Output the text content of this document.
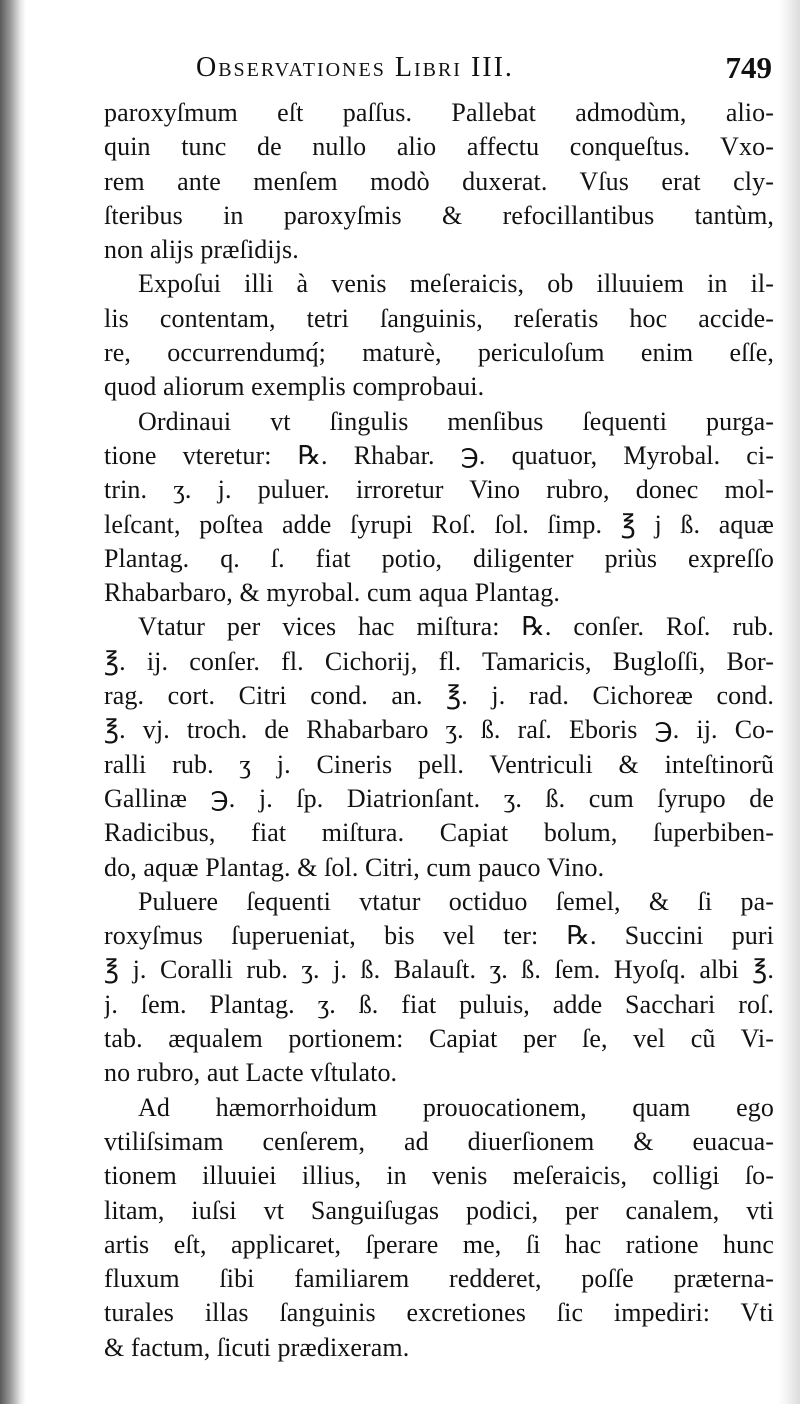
Observationes Libri III.	749
paroxyſmum eſt paſſus. Pallebat admodùm, alio-
quin tunc de nullo alio affectu conqueſtus. Vxo-
rem ante menſem modò duxerat. Vſus erat cly-
ſteribus in paroxyſmis & refocillantibus tantùm,
non alijs præſidijs.
Expoſui illi à venis meſeraicis, ob illuuiem in il-
lis contentam, tetri ſanguinis, reſeratis hoc accide-
re, occurrendumq́; maturè, periculoſum enim eſſe,
quod aliorum exemplis comprobaui.
Ordinaui vt ſingulis menſibus ſequenti purga-
tione vteretur: ℞. Rhabar. ℈. quatuor, Myrobal. ci-
trin. ʒ. j. puluer. irroretur Vino rubro, donec mol-
leſcant, poſtea adde ſyrupi Roſ. ſol. ſimp. ℥ j ß. aquæ
Plantag. q. ſ. fiat potio, diligenter priùs expreſſo
Rhabarbaro, & myrobal. cum aqua Plantag.
Vtatur per vices hac miſtura: ℞. conſer. Roſ. rub.
℥. ij. conſer. fl. Cichorij, fl. Tamaricis, Bugloſſi, Bor-
rag. cort. Citri cond. an. ℥. j. rad. Cichoreæ cond.
℥. vj. troch. de Rhabarbaro ʒ. ß. raſ. Eboris ℈. ij. Co-
ralli rub. ʒ j. Cineris pell. Ventriculi & inteſtinorũ
Gallinæ ℈. j. ſp. Diatrionſant. ʒ. ß. cum ſyrupo de
Radicibus, fiat miſtura. Capiat bolum, ſuperbiben-
do, aquæ Plantag. & ſol. Citri, cum pauco Vino.
Puluere ſequenti vtatur octiduo ſemel, & ſi pa-
roxyſmus ſuperueniat, bis vel ter: ℞. Succini puri
℥ j. Coralli rub. ʒ. j. ß. Balauſt. ʒ. ß. ſem. Hyoſq. albi ℥.
j. ſem. Plantag. ʒ. ß. fiat puluis, adde Sacchari roſ.
tab. æqualem portionem: Capiat per ſe, vel cũ Vi-
no rubro, aut Lacte vſtulato.
Ad hæmorrhoidum prouocationem, quam ego
vtiliſsimam cenſerem, ad diuerſionem & euacua-
tionem illuuiei illius, in venis meſeraicis, colligi ſo-
litam, iuſsi vt Sanguiſugas podici, per canalem, vti
artis eſt, applicaret, ſperare me, ſi hac ratione hunc
fluxum ſibi familiarem redderet, poſſe præternа-
turales illas ſanguinis excretiones ſic impediri: Vti
& factum, ſicuti prædixeram.
